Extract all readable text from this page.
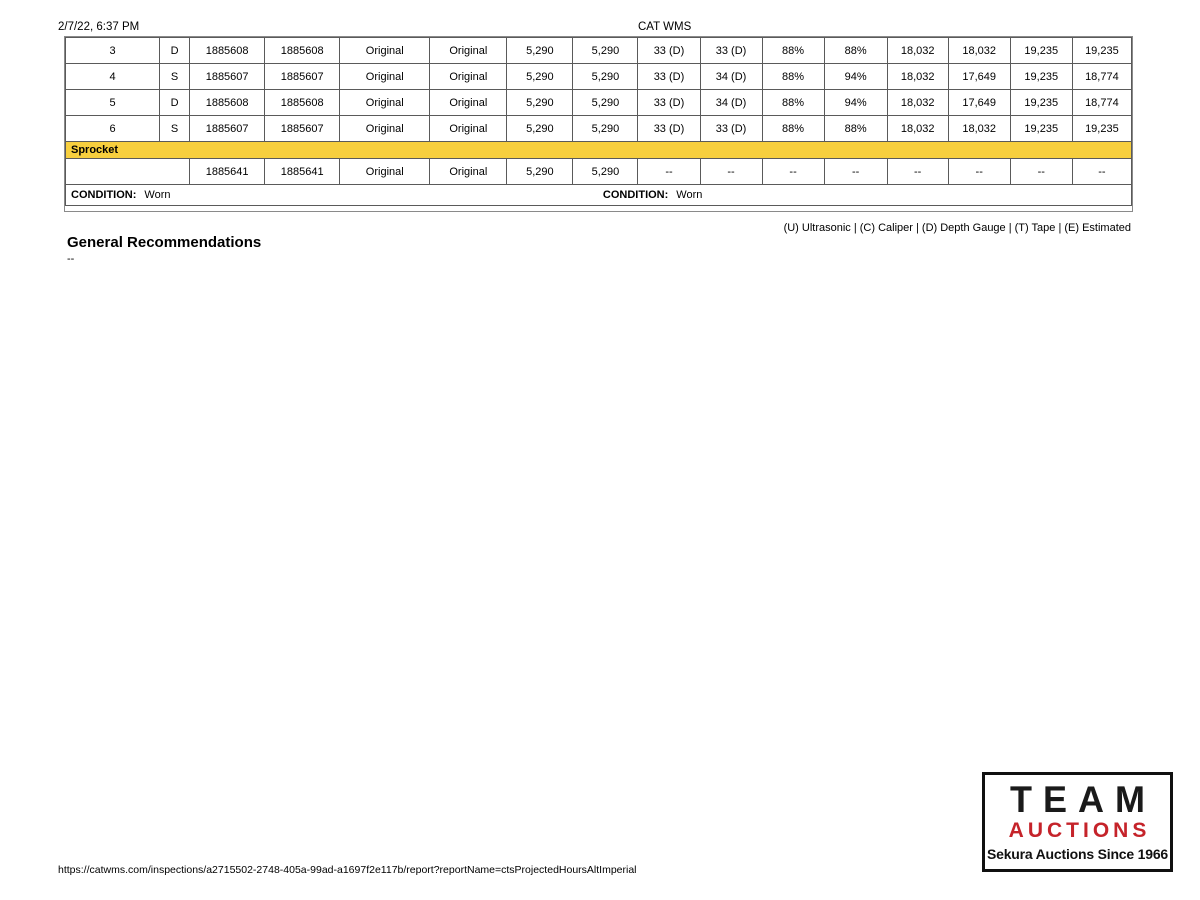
2/7/22, 6:37 PM	CAT WMS
3	D	1885608	1885608	Original	Original	5,290	5,290	33 (D)	33 (D)	88%	88%	18,032	18,032	19,235	19,235
4	S	1885607	1885607	Original	Original	5,290	5,290	33 (D)	34 (D)	88%	94%	18,032	17,649	19,235	18,774
5	D	1885608	1885608	Original	Original	5,290	5,290	33 (D)	34 (D)	88%	94%	18,032	17,649	19,235	18,774
6	S	1885607	1885607	Original	Original	5,290	5,290	33 (D)	33 (D)	88%	88%	18,032	18,032	19,235	19,235
Sprocket															
		1885641	1885641	Original	Original	5,290	5,290	--	--	--	--	--	--	--	--
CONDITION: Worn							CONDITION: Worn								
(U) Ultrasonic | (C) Caliper | (D) Depth Gauge | (T) Tape | (E) Estimated
General Recommendations
--
https://catwms.com/inspections/a2715502-2748-405a-99ad-a1697f2e117b/report?reportName=ctsProjectedHoursAltImperial
TEAM
AUCTIONS
Sekura Auctions Since 1966
